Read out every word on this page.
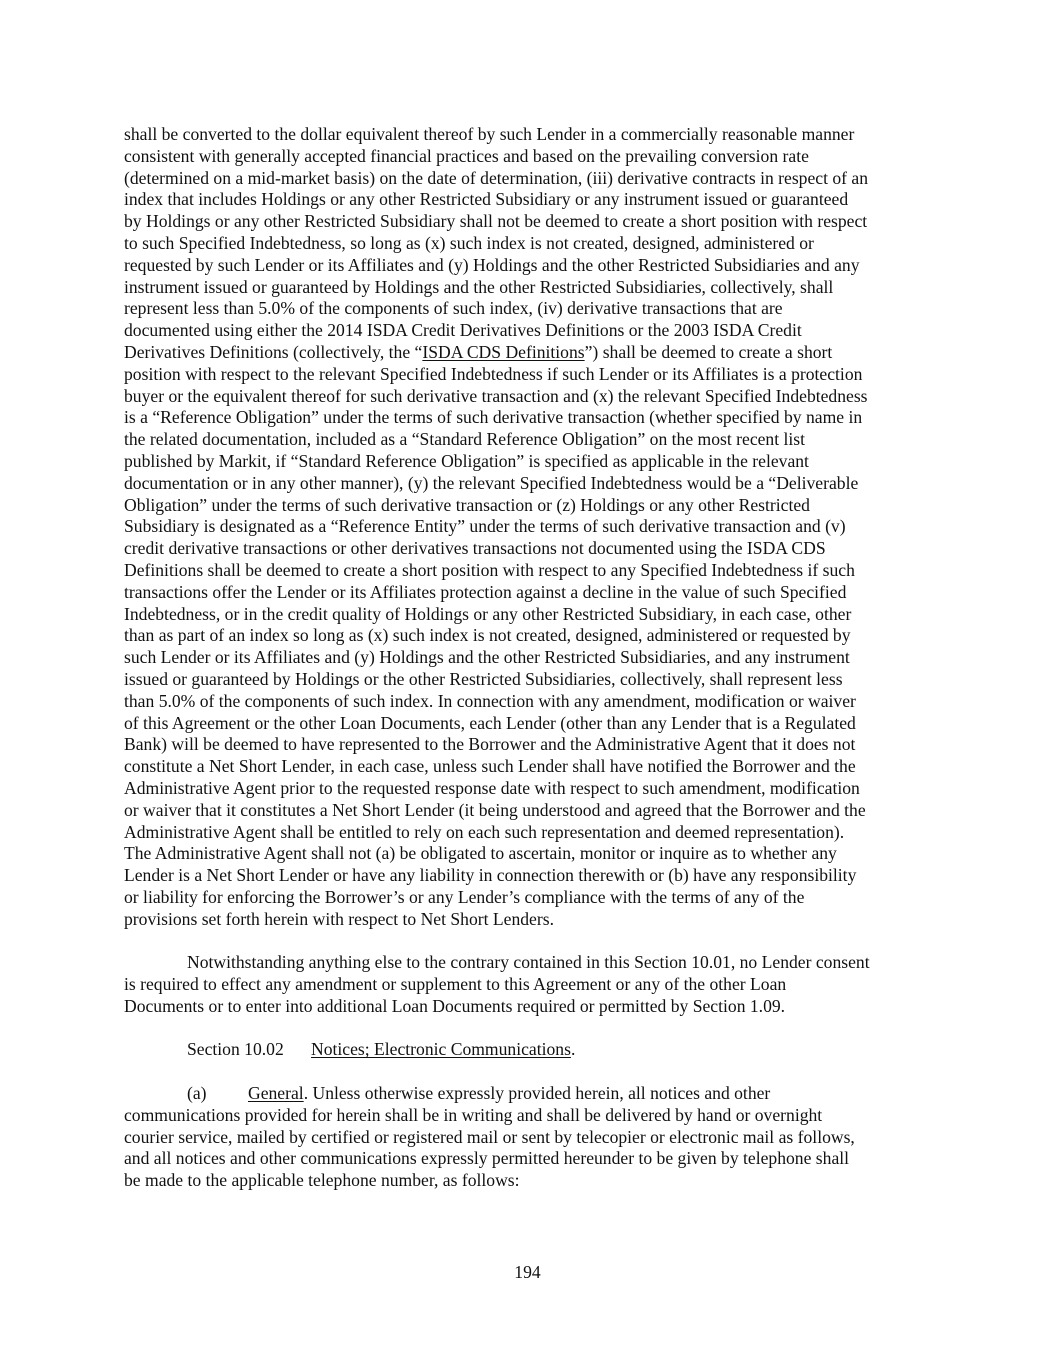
shall be converted to the dollar equivalent thereof by such Lender in a commercially reasonable manner
consistent with generally accepted financial practices and based on the prevailing conversion rate
(determined on a mid-market basis) on the date of determination, (iii) derivative contracts in respect of an
index that includes Holdings or any other Restricted Subsidiary or any instrument issued or guaranteed
by Holdings or any other Restricted Subsidiary shall not be deemed to create a short position with respect
to such Specified Indebtedness, so long as (x) such index is not created, designed, administered or
requested by such Lender or its Affiliates and (y) Holdings and the other Restricted Subsidiaries and any
instrument issued or guaranteed by Holdings and the other Restricted Subsidiaries, collectively, shall
represent less than 5.0% of the components of such index, (iv) derivative transactions that are
documented using either the 2014 ISDA Credit Derivatives Definitions or the 2003 ISDA Credit
Derivatives Definitions (collectively, the “ISDA CDS Definitions”) shall be deemed to create a short
position with respect to the relevant Specified Indebtedness if such Lender or its Affiliates is a protection
buyer or the equivalent thereof for such derivative transaction and (x) the relevant Specified Indebtedness
is a “Reference Obligation” under the terms of such derivative transaction (whether specified by name in
the related documentation, included as a “Standard Reference Obligation” on the most recent list
published by Markit, if “Standard Reference Obligation” is specified as applicable in the relevant
documentation or in any other manner), (y) the relevant Specified Indebtedness would be a “Deliverable
Obligation” under the terms of such derivative transaction or (z) Holdings or any other Restricted
Subsidiary is designated as a “Reference Entity” under the terms of such derivative transaction and (v)
credit derivative transactions or other derivatives transactions not documented using the ISDA CDS
Definitions shall be deemed to create a short position with respect to any Specified Indebtedness if such
transactions offer the Lender or its Affiliates protection against a decline in the value of such Specified
Indebtedness, or in the credit quality of Holdings or any other Restricted Subsidiary, in each case, other
than as part of an index so long as (x) such index is not created, designed, administered or requested by
such Lender or its Affiliates and (y) Holdings and the other Restricted Subsidiaries, and any instrument
issued or guaranteed by Holdings or the other Restricted Subsidiaries, collectively, shall represent less
than 5.0% of the components of such index. In connection with any amendment, modification or waiver
of this Agreement or the other Loan Documents, each Lender (other than any Lender that is a Regulated
Bank) will be deemed to have represented to the Borrower and the Administrative Agent that it does not
constitute a Net Short Lender, in each case, unless such Lender shall have notified the Borrower and the
Administrative Agent prior to the requested response date with respect to such amendment, modification
or waiver that it constitutes a Net Short Lender (it being understood and agreed that the Borrower and the
Administrative Agent shall be entitled to rely on each such representation and deemed representation).
The Administrative Agent shall not (a) be obligated to ascertain, monitor or inquire as to whether any
Lender is a Net Short Lender or have any liability in connection therewith or (b) have any responsibility
or liability for enforcing the Borrower’s or any Lender’s compliance with the terms of any of the
provisions set forth herein with respect to Net Short Lenders.
Notwithstanding anything else to the contrary contained in this Section 10.01, no Lender consent
is required to effect any amendment or supplement to this Agreement or any of the other Loan
Documents or to enter into additional Loan Documents required or permitted by Section 1.09.
Section 10.02 Notices; Electronic Communications.
(a) General. Unless otherwise expressly provided herein, all notices and other
communications provided for herein shall be in writing and shall be delivered by hand or overnight
courier service, mailed by certified or registered mail or sent by telecopier or electronic mail as follows,
and all notices and other communications expressly permitted hereunder to be given by telephone shall
be made to the applicable telephone number, as follows:
194
